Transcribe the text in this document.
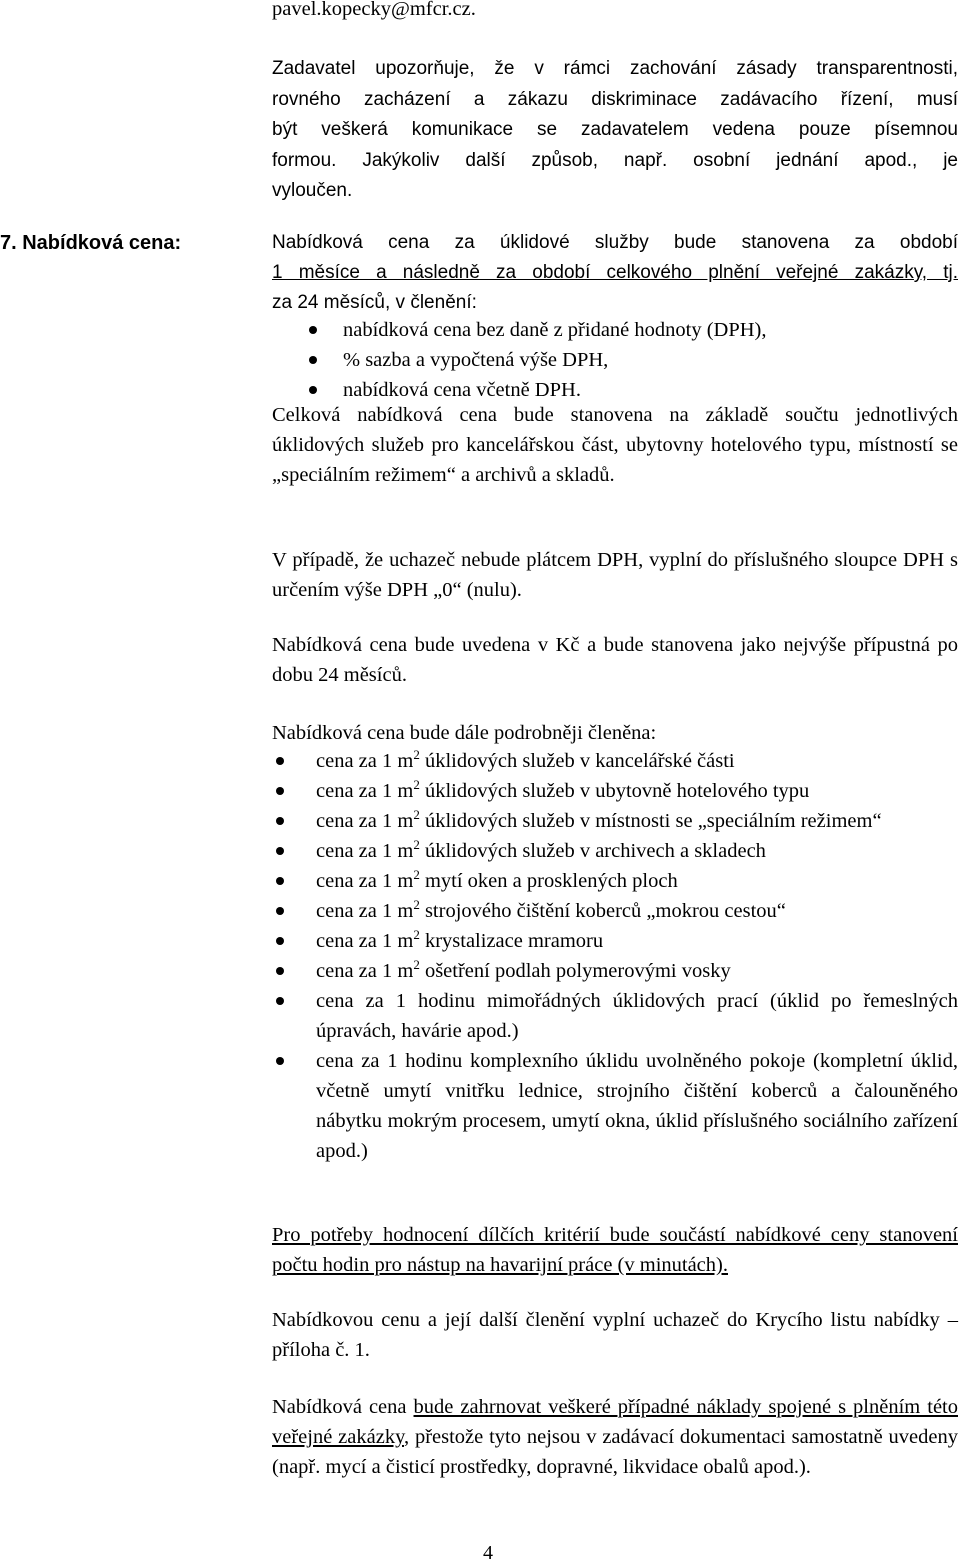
pavel.kopecky@mfcr.cz.
Zadavatel upozorňuje, že v rámci zachování zásady transparentnosti,
rovného zacházení a zákazu diskriminace zadávacího řízení, musí
být veškerá komunikace se zadavatelem vedena pouze písemnou
formou. Jakýkoliv další způsob, např. osobní jednání apod., je
vyloučen.
7. Nabídková cena:	Nabídková cena za úklidové služby bude stanovena za období
1 měsíce a následně za období celkového plnění veřejné zakázky, tj.
za 24 měsíců, v členění:
nabídková cena bez daně z přidané hodnoty (DPH),
% sazba a vypočtená výše DPH,
nabídková cena včetně DPH.

Celková nabídková cena bude stanovena na základě součtu jednotlivých úklidových služeb pro kancelářskou část, ubytovny hotelového typu, místností se „speciálním režimem“ a archivů a skladů.

V případě, že uchazeč nebude plátcem DPH, vyplní do příslušného sloupce DPH s určením výše DPH „0“ (nulu).

Nabídková cena bude uvedena v Kč a bude stanovena jako nejvýše přípustná po dobu 24 měsíců.

Nabídková cena bude dále podrobněji členěna:

cena za 1 $m^2$ úklidových služeb v kancelářské části
cena za 1 $m^2$ úklidových služeb v ubytovně hotelového typu
cena za 1 $m^2$ úklidových služeb v místnosti se „speciálním režimem“
cena za 1 $m^2$ úklidových služeb v archivech a skladech
cena za 1 $m^2$ mytí oken a prosklených ploch
cena za 1 $m^2$ strojového čištění koberců „mokrou cestou“
cena za 1 $m^2$ krystalizace mramoru
cena za 1 $m^2$ ošetření podlah polymerovými vosky
cena za 1 hodinu mimořádných úklidových prací (úklid po řemeslných úpravách, havárie apod.)
cena za 1 hodinu komplexního úklidu uvolněného pokoje (kompletní úklid, včetně umytí vnitřku lednice, strojního čištění koberců a čalouněného nábytku mokrým procesem, umytí okna, úklid příslušného sociálního zařízení apod.)

Pro potřeby hodnocení dílčích kritérií bude součástí nabídkové ceny stanovení počtu hodin pro nástup na havarijní práce (v minutách).

Nabídkovou cenu a její další členění vyplní uchazeč do Krycího listu nabídky – příloha č. 1.

Nabídková cena bude zahrnovat veškeré případné náklady spojené s plněním této veřejné zakázky, přestože tyto nejsou v zadávací dokumentaci samostatně uvedeny (např. mycí a čisticí prostředky, dopravné, likvidace obalů apod.).

4
